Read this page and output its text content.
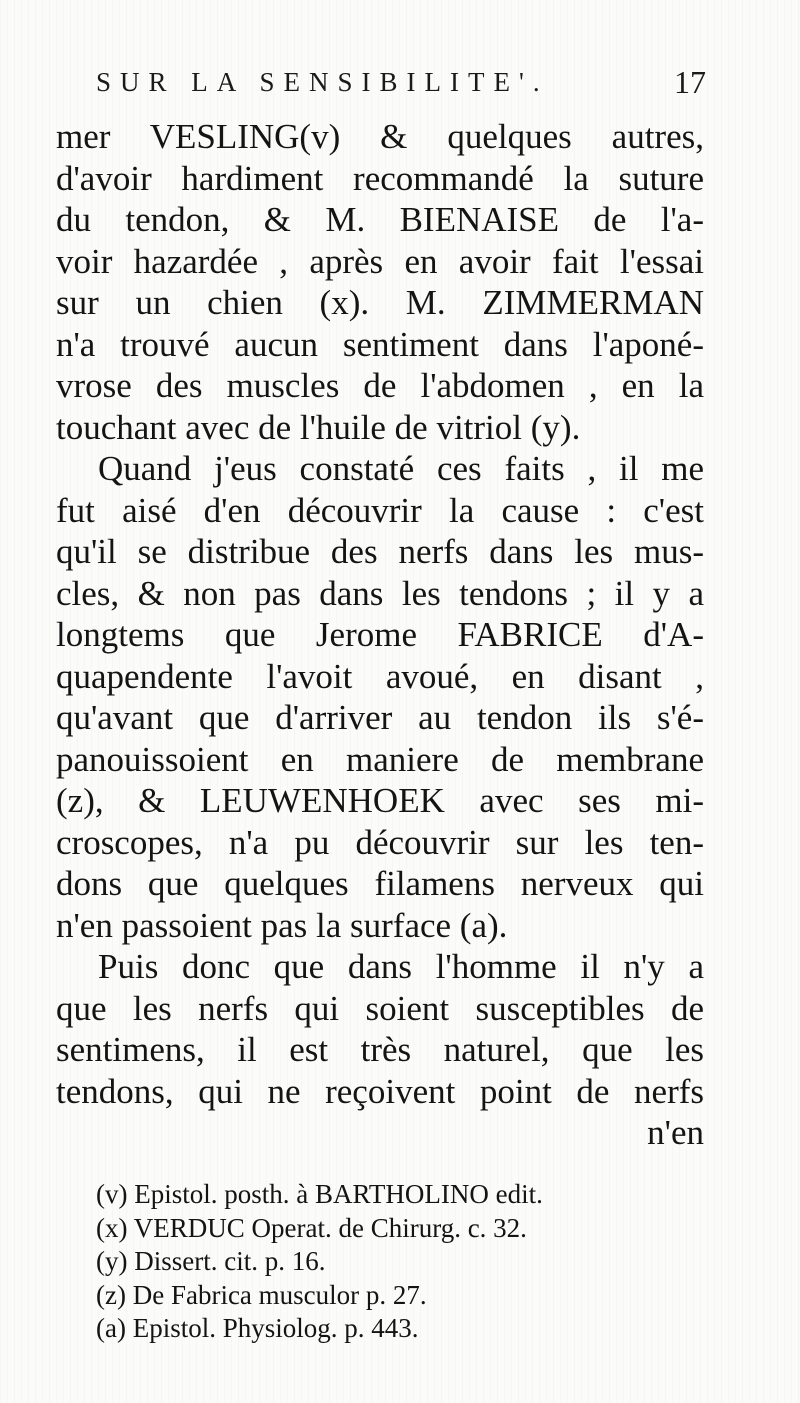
SUR LA SENSIBILITE'.	17
mer VESLING(v) & quelques autres,
d'avoir hardiment recommandé la suture
du tendon, & M. BIENAISE de l'a-
voir hazardée , après en avoir fait l'essai
sur un chien (x). M. ZIMMERMAN
n'a trouvé aucun sentiment dans l'aponé-
vrose des muscles de l'abdomen , en la
touchant avec de l'huile de vitriol (y).
Quand j'eus constaté ces faits , il me
fut aisé d'en découvrir la cause : c'est
qu'il se distribue des nerfs dans les mus-
cles, & non pas dans les tendons ; il y a
longtems que Jerome FABRICE d'A-
quapendente l'avoit avoué, en disant ,
qu'avant que d'arriver au tendon ils s'é-
panouissoient en maniere de membrane
(z), & LEUWENHOEK avec ses mi-
croscopes, n'a pu découvrir sur les ten-
dons que quelques filamens nerveux qui
n'en passoient pas la surface (a).
Puis donc que dans l'homme il n'y a
que les nerfs qui soient susceptibles de
sentimens, il est très naturel, que les
tendons, qui ne reçoivent point de nerfs
n'en
(v) Epistol. posth. à BARTHOLINO edit.
(x) VERDUC Operat. de Chirurg. c. 32.
(y) Dissert. cit. p. 16.
(z) De Fabrica musculor p. 27.
(a) Epistol. Physiolog. p. 443.
